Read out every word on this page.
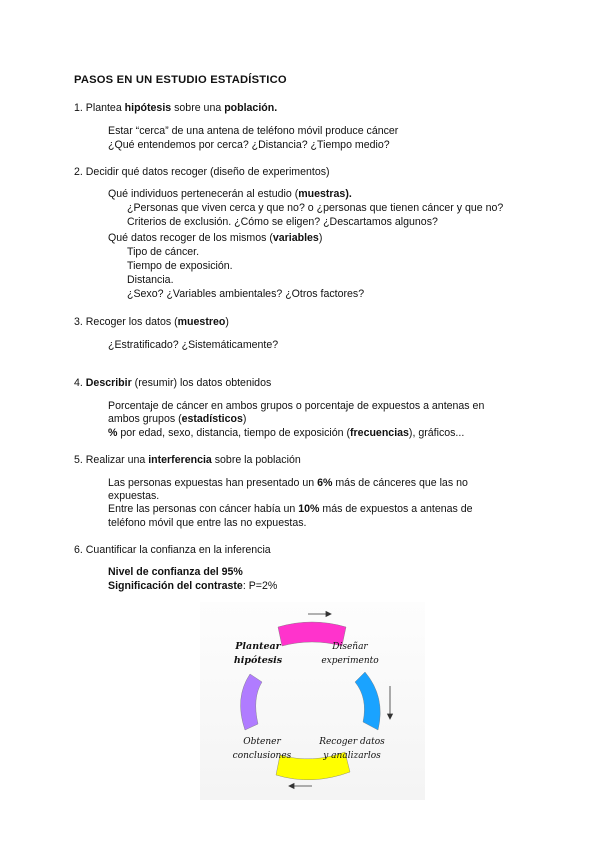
PASOS EN UN ESTUDIO ESTADÍSTICO
1. Plantea hipótesis sobre una población.
Estar “cerca” de una antena de teléfono móvil produce cáncer
¿Qué entendemos por cerca? ¿Distancia? ¿Tiempo medio?
2. Decidir qué datos recoger (diseño de experimentos)
Qué individuos pertenecerán al estudio (muestras).
¿Personas que viven cerca y que no? o ¿personas que tienen cáncer y que no?
Criterios de exclusión. ¿Cómo se eligen? ¿Descartamos algunos?
Qué datos recoger de los mismos (variables)
Tipo de cáncer.
Tiempo de exposición.
Distancia.
¿Sexo? ¿Variables ambientales? ¿Otros factores?
3. Recoger los datos (muestreo)
¿Estratificado? ¿Sistemáticamente?
4. Describir (resumir) los datos obtenidos
Porcentaje de cáncer en ambos grupos o porcentaje de expuestos a antenas en
ambos grupos (estadísticos)
% por edad, sexo, distancia, tiempo de exposición (frecuencias), gráficos...
5. Realizar una interferencia sobre la población
Las personas expuestas han presentado un 6% más de cánceres que las no
expuestas.
Entre las personas con cáncer había un 10% más de expuestos a antenas de
teléfono móvil que entre las no expuestas.
6. Cuantificar la confianza en la inferencia
Nivel de confianza del 95%
Significación del contraste: P=2%
Plantear
hipótesis
Diseñar
experimento
Recoger datos
y analizarlos
Obtener
conclusiones
